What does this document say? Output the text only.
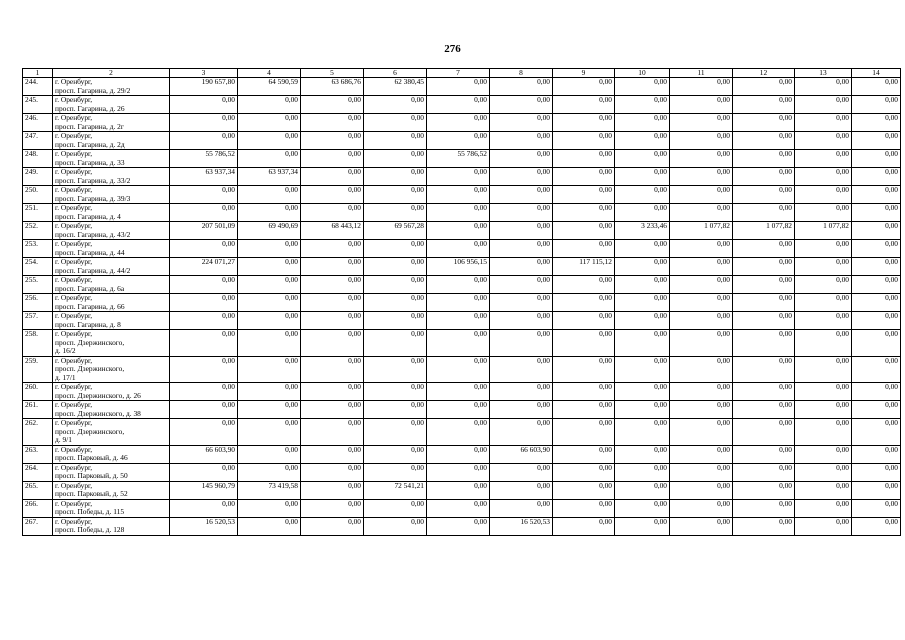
276
1	2	3	4	5	6	7	8	9	10	11	12	13	14
244.	г. Оренбург,
просп. Гагарина, д. 29/2	190 657,80	64 590,59	63 686,76	62 380,45	0,00	0,00	0,00	0,00	0,00	0,00	0,00	0,00
245.	г. Оренбург,
просп. Гагарина, д. 26	0,00	0,00	0,00	0,00	0,00	0,00	0,00	0,00	0,00	0,00	0,00	0,00
246.	г. Оренбург,
просп. Гагарина, д. 2г	0,00	0,00	0,00	0,00	0,00	0,00	0,00	0,00	0,00	0,00	0,00	0,00
247.	г. Оренбург,
просп. Гагарина, д. 2д	0,00	0,00	0,00	0,00	0,00	0,00	0,00	0,00	0,00	0,00	0,00	0,00
248.	г. Оренбург,
просп. Гагарина, д. 33	55 786,52	0,00	0,00	0,00	55 786,52	0,00	0,00	0,00	0,00	0,00	0,00	0,00
249.	г. Оренбург,
просп. Гагарина, д. 33/2	63 937,34	63 937,34	0,00	0,00	0,00	0,00	0,00	0,00	0,00	0,00	0,00	0,00
250.	г. Оренбург,
просп. Гагарина, д. 39/3	0,00	0,00	0,00	0,00	0,00	0,00	0,00	0,00	0,00	0,00	0,00	0,00
251.	г. Оренбург,
просп. Гагарина, д. 4	0,00	0,00	0,00	0,00	0,00	0,00	0,00	0,00	0,00	0,00	0,00	0,00
252.	г. Оренбург,
просп. Гагарина, д. 43/2	207 501,09	69 490,69	68 443,12	69 567,28	0,00	0,00	0,00	3 233,46	1 077,82	1 077,82	1 077,82	0,00
253.	г. Оренбург,
просп. Гагарина, д. 44	0,00	0,00	0,00	0,00	0,00	0,00	0,00	0,00	0,00	0,00	0,00	0,00
254.	г. Оренбург,
просп. Гагарина, д. 44/2	224 071,27	0,00	0,00	0,00	106 956,15	0,00	117 115,12	0,00	0,00	0,00	0,00	0,00
255.	г. Оренбург,
просп. Гагарина, д. 6а	0,00	0,00	0,00	0,00	0,00	0,00	0,00	0,00	0,00	0,00	0,00	0,00
256.	г. Оренбург,
просп. Гагарина, д. 66	0,00	0,00	0,00	0,00	0,00	0,00	0,00	0,00	0,00	0,00	0,00	0,00
257.	г. Оренбург,
просп. Гагарина, д. 8	0,00	0,00	0,00	0,00	0,00	0,00	0,00	0,00	0,00	0,00	0,00	0,00
258.	г. Оренбург,
просп. Дзержинского,
д. 16/2	0,00	0,00	0,00	0,00	0,00	0,00	0,00	0,00	0,00	0,00	0,00	0,00
259.	г. Оренбург,
просп. Дзержинского,
д. 17/1	0,00	0,00	0,00	0,00	0,00	0,00	0,00	0,00	0,00	0,00	0,00	0,00
260.	г. Оренбург,
просп. Дзержинского, д. 26	0,00	0,00	0,00	0,00	0,00	0,00	0,00	0,00	0,00	0,00	0,00	0,00
261.	г. Оренбург,
просп. Дзержинского, д. 38	0,00	0,00	0,00	0,00	0,00	0,00	0,00	0,00	0,00	0,00	0,00	0,00
262.	г. Оренбург,
просп. Дзержинского,
д. 9/1	0,00	0,00	0,00	0,00	0,00	0,00	0,00	0,00	0,00	0,00	0,00	0,00
263.	г. Оренбург,
просп. Парковый, д. 46	66 603,90	0,00	0,00	0,00	0,00	66 603,90	0,00	0,00	0,00	0,00	0,00	0,00
264.	г. Оренбург,
просп. Парковый, д. 50	0,00	0,00	0,00	0,00	0,00	0,00	0,00	0,00	0,00	0,00	0,00	0,00
265.	г. Оренбург,
просп. Парковый, д. 52	145 960,79	73 419,58	0,00	72 541,21	0,00	0,00	0,00	0,00	0,00	0,00	0,00	0,00
266.	г. Оренбург,
просп. Победы, д. 115	0,00	0,00	0,00	0,00	0,00	0,00	0,00	0,00	0,00	0,00	0,00	0,00
267.	г. Оренбург,
просп. Победы, д. 128	16 520,53	0,00	0,00	0,00	0,00	16 520,53	0,00	0,00	0,00	0,00	0,00	0,00
